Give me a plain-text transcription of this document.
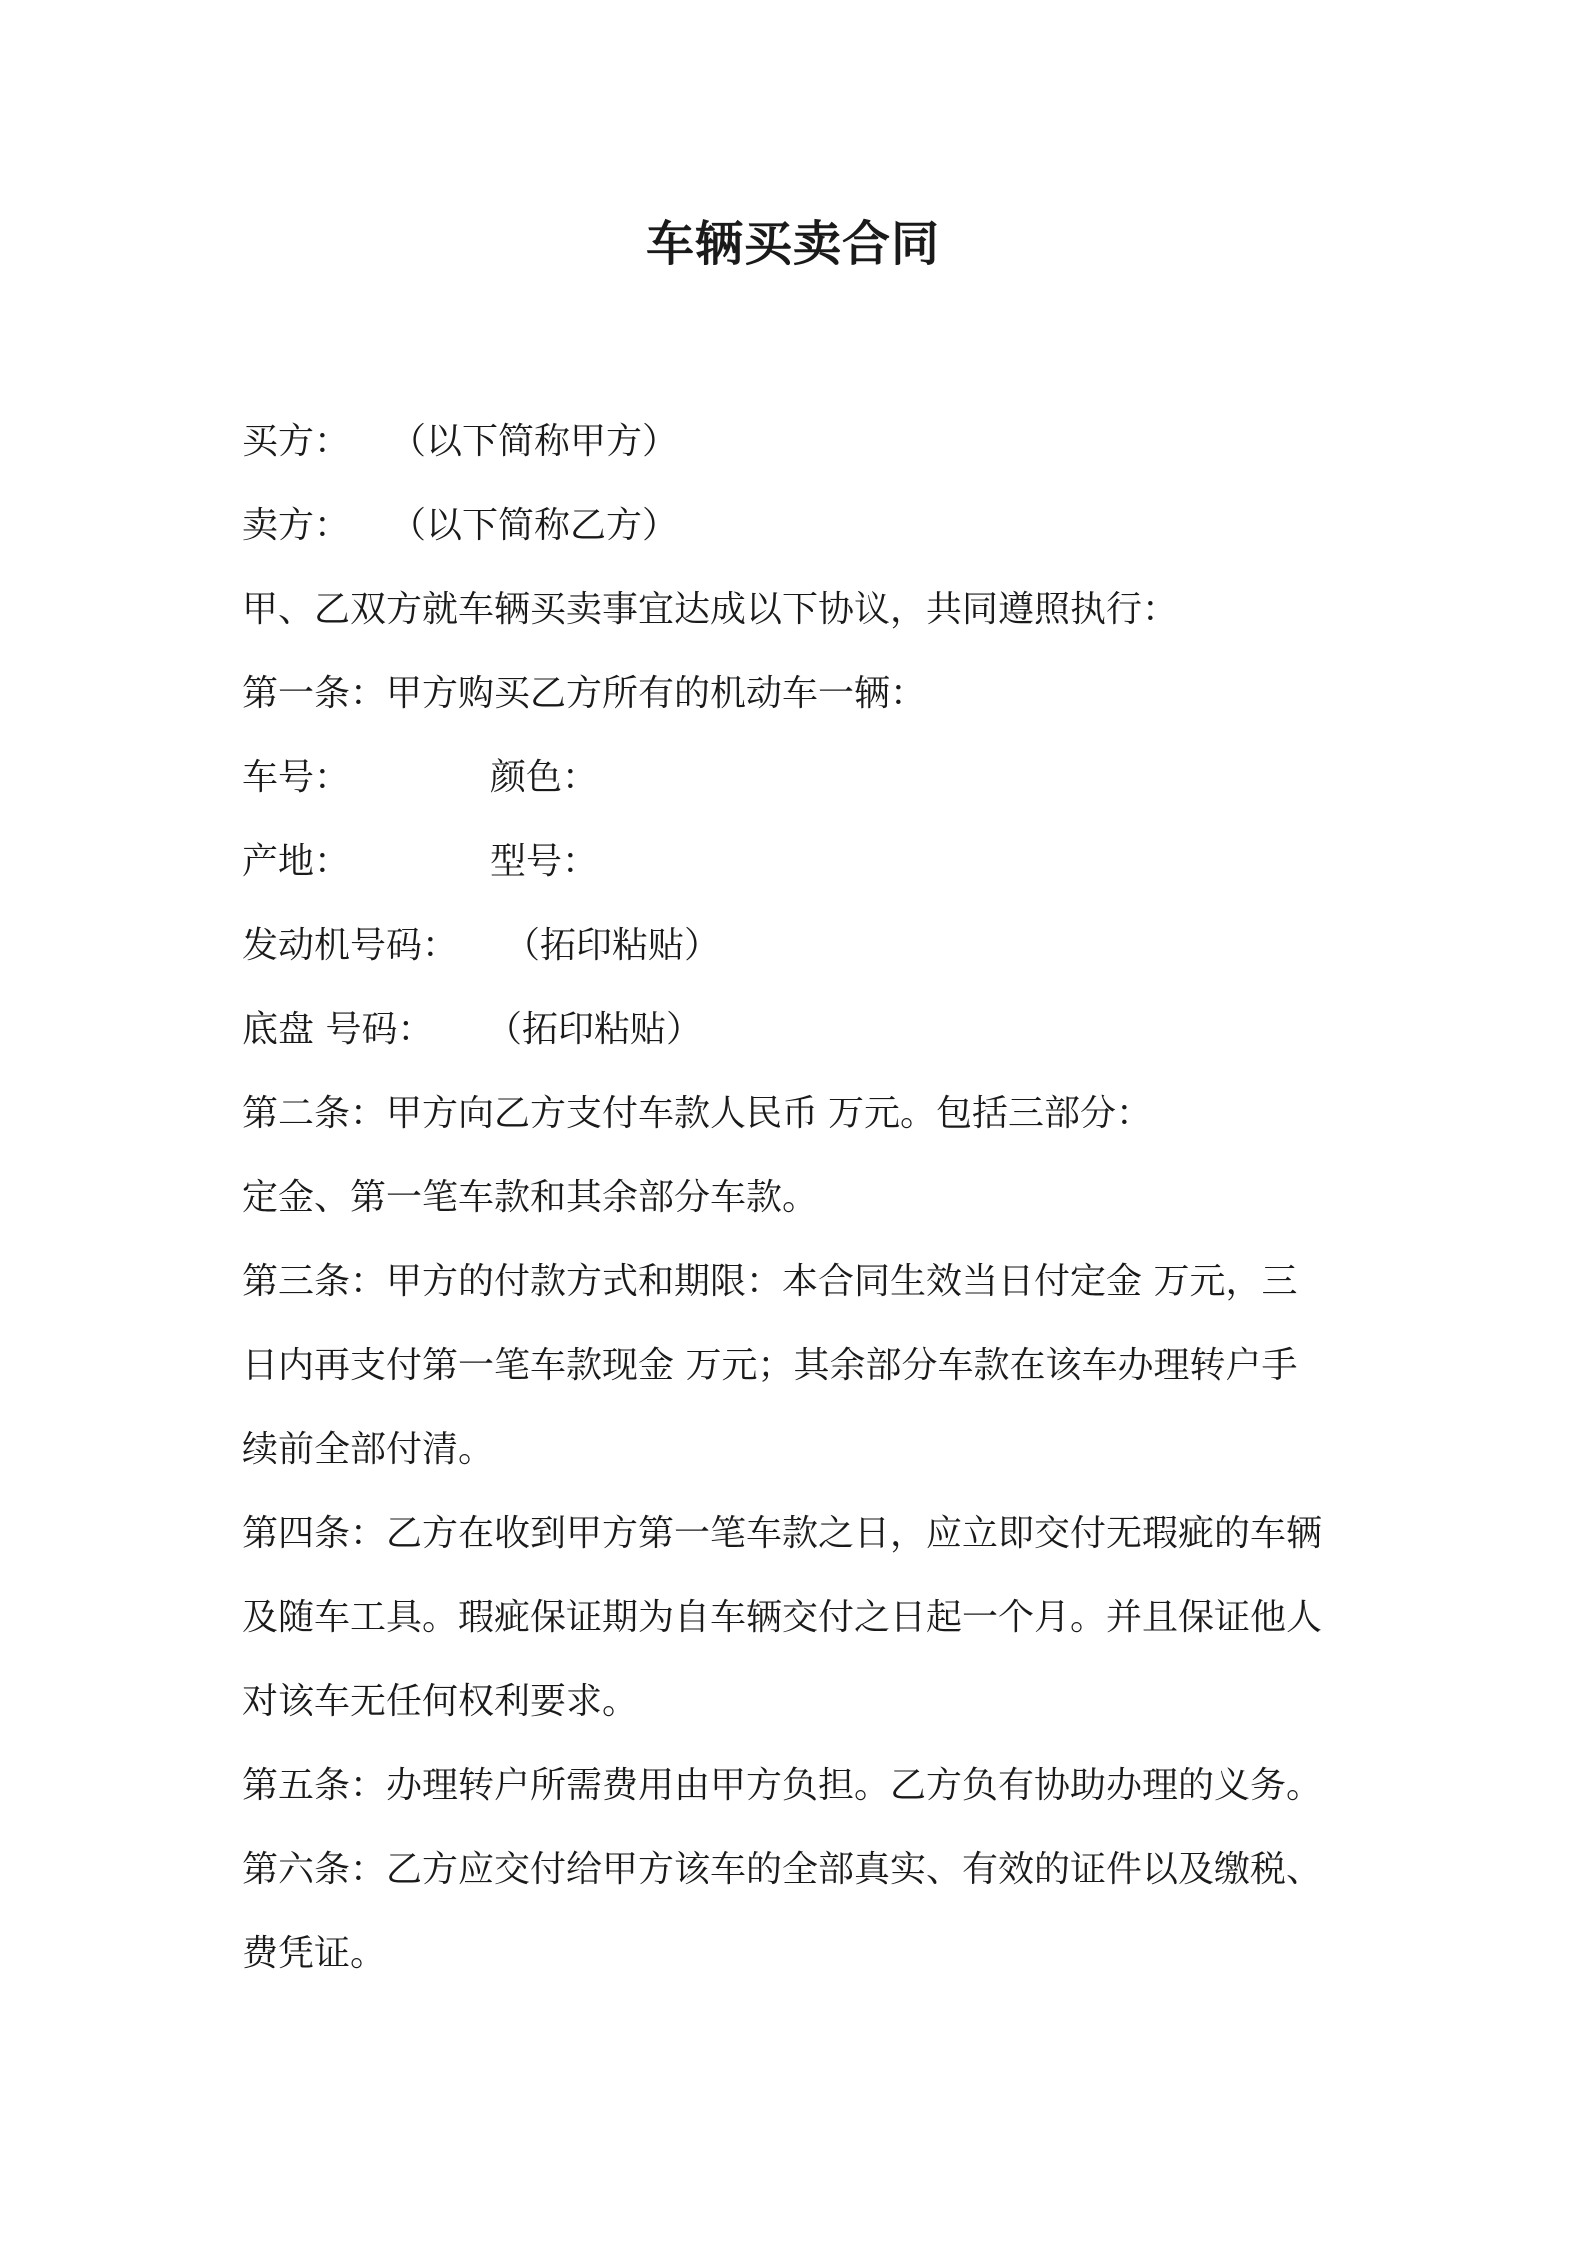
车辆买卖合同
买方： （以下简称甲方）
卖方： （以下简称乙方）
甲、乙双方就车辆买卖事宜达成以下协议，共同遵照执行：
第一条：甲方购买乙方所有的机动车一辆：
车号：	颜色：
产地：	型号：
发动机号码： （拓印粘贴）
底盘 号码： （拓印粘贴）
第二条：甲方向乙方支付车款人民币 万元。包括三部分：
定金、第一笔车款和其余部分车款。
第三条：甲方的付款方式和期限：本合同生效当日付定金 万元，三
日内再支付第一笔车款现金 万元；其余部分车款在该车办理转户手
续前全部付清。
第四条：乙方在收到甲方第一笔车款之日，应立即交付无瑕疵的车辆
及随车工具。瑕疵保证期为自车辆交付之日起一个月。并且保证他人
对该车无任何权利要求。
第五条：办理转户所需费用由甲方负担。乙方负有协助办理的义务。
第六条：乙方应交付给甲方该车的全部真实、有效的证件以及缴税、
费凭证。
